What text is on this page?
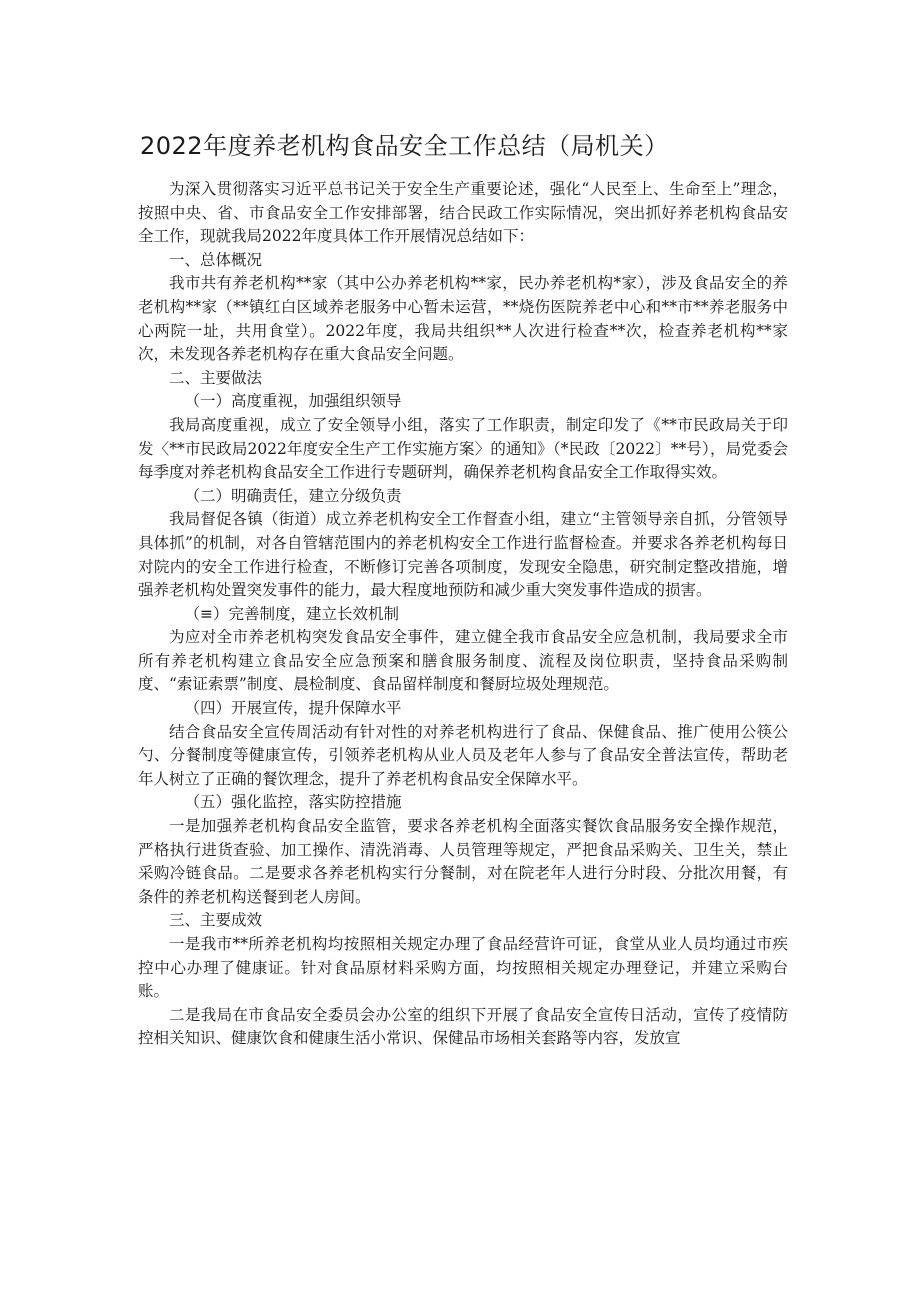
2022年度养老机构食品安全工作总结（局机关）

为深入贯彻落实习近平总书记关于安全生产重要论述，强化“人民至上、生命至上”理念，按照中央、省、市食品安全工作安排部署，结合民政工作实际情况，突出抓好养老机构食品安全工作，现就我局2022年度具体工作开展情况总结如下：

一、总体概况

我市共有养老机构**家（其中公办养老机构**家，民办养老机构*家），涉及食品安全的养老机构**家（**镇红白区域养老服务中心暂未运营，**烧伤医院养老中心和**市**养老服务中心两院一址，共用食堂）。2022年度，我局共组织**人次进行检查**次，检查养老机构**家次，未发现各养老机构存在重大食品安全问题。

二、主要做法

（一）高度重视，加强组织领导

我局高度重视，成立了安全领导小组，落实了工作职责，制定印发了《**市民政局关于印发〈**市民政局2022年度安全生产工作实施方案〉的通知》（*民政〔2022〕**号），局党委会每季度对养老机构食品安全工作进行专题研判，确保养老机构食品安全工作取得实效。

（二）明确责任，建立分级负责

我局督促各镇（街道）成立养老机构安全工作督查小组，建立“主管领导亲自抓，分管领导具体抓”的机制，对各自管辖范围内的养老机构安全工作进行监督检查。并要求各养老机构每日对院内的安全工作进行检查，不断修订完善各项制度，发现安全隐患，研究制定整改措施，增强养老机构处置突发事件的能力，最大程度地预防和减少重大突发事件造成的损害。

（≡）完善制度，建立长效机制

为应对全市养老机构突发食品安全事件，建立健全我市食品安全应急机制，我局要求全市所有养老机构建立食品安全应急预案和膳食服务制度、流程及岗位职责，坚持食品采购制度、“索证索票”制度、晨检制度、食品留样制度和餐厨垃圾处理规范。

（四）开展宣传，提升保障水平

结合食品安全宣传周活动有针对性的对养老机构进行了食品、保健食品、推广使用公筷公勺、分餐制度等健康宣传，引领养老机构从业人员及老年人参与了食品安全普法宣传，帮助老年人树立了正确的餐饮理念，提升了养老机构食品安全保障水平。

（五）强化监控，落实防控措施

一是加强养老机构食品安全监管，要求各养老机构全面落实餐饮食品服务安全操作规范，严格执行进货查验、加工操作、清洗消毒、人员管理等规定，严把食品采购关、卫生关，禁止采购冷链食品。二是要求各养老机构实行分餐制，对在院老年人进行分时段、分批次用餐，有条件的养老机构送餐到老人房间。

三、主要成效

一是我市**所养老机构均按照相关规定办理了食品经营许可证，食堂从业人员均通过市疾控中心办理了健康证。针对食品原材料采购方面，均按照相关规定办理登记，并建立采购台账。

二是我局在市食品安全委员会办公室的组织下开展了食品安全宣传日活动，宣传了疫情防控相关知识、健康饮食和健康生活小常识、保健品市场相关套路等内容，发放宣
